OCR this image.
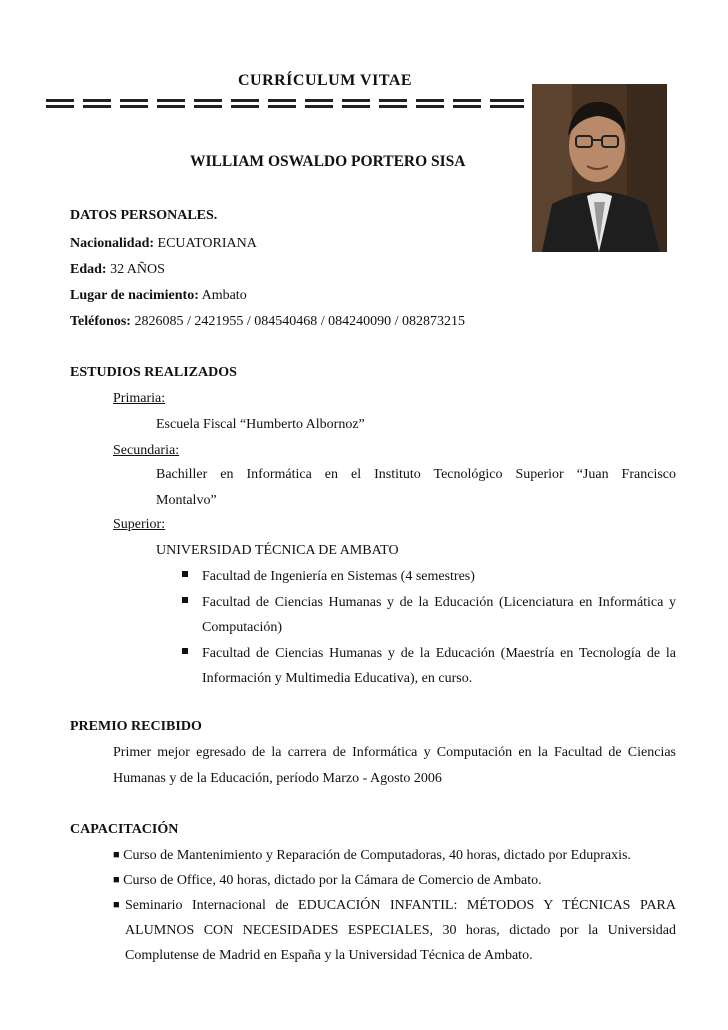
CURRÍCULUM VITAE
WILLIAM OSWALDO PORTERO SISA
DATOS PERSONALES.
Nacionalidad: ECUATORIANA
Edad: 32 AÑOS
Lugar de nacimiento: Ambato
Teléfonos: 2826085 / 2421955 / 084540468 / 084240090 / 082873215
ESTUDIOS REALIZADOS
Primaria:
Escuela Fiscal “Humberto Albornoz”
Secundaria:
Bachiller en Informática en el Instituto Tecnológico Superior “Juan Francisco
Montalvo”
Superior:
UNIVERSIDAD TÉCNICA DE AMBATO
Facultad de Ingeniería en Sistemas (4 semestres)
Facultad de Ciencias Humanas y de la Educación (Licenciatura en Informática y
Computación)
Facultad de Ciencias Humanas y de la Educación (Maestría en Tecnología de la
Información y Multimedia Educativa), en curso.
PREMIO RECIBIDO
Primer mejor egresado de la carrera de Informática y Computación en la Facultad de Ciencias
Humanas y de la Educación, período Marzo - Agosto 2006
CAPACITACIÓN
■ Curso de Mantenimiento y Reparación de Computadoras, 40 horas, dictado por Edupraxis.
■ Curso de Office, 40 horas, dictado por la Cámara de Comercio de Ambato.
■ Seminario Internacional de EDUCACIÓN INFANTIL: MÉTODOS Y TÉCNICAS PARA
ALUMNOS CON NECESIDADES ESPECIALES, 30 horas, dictado por la Universidad
Complutense de Madrid en España y la Universidad Técnica de Ambato.
